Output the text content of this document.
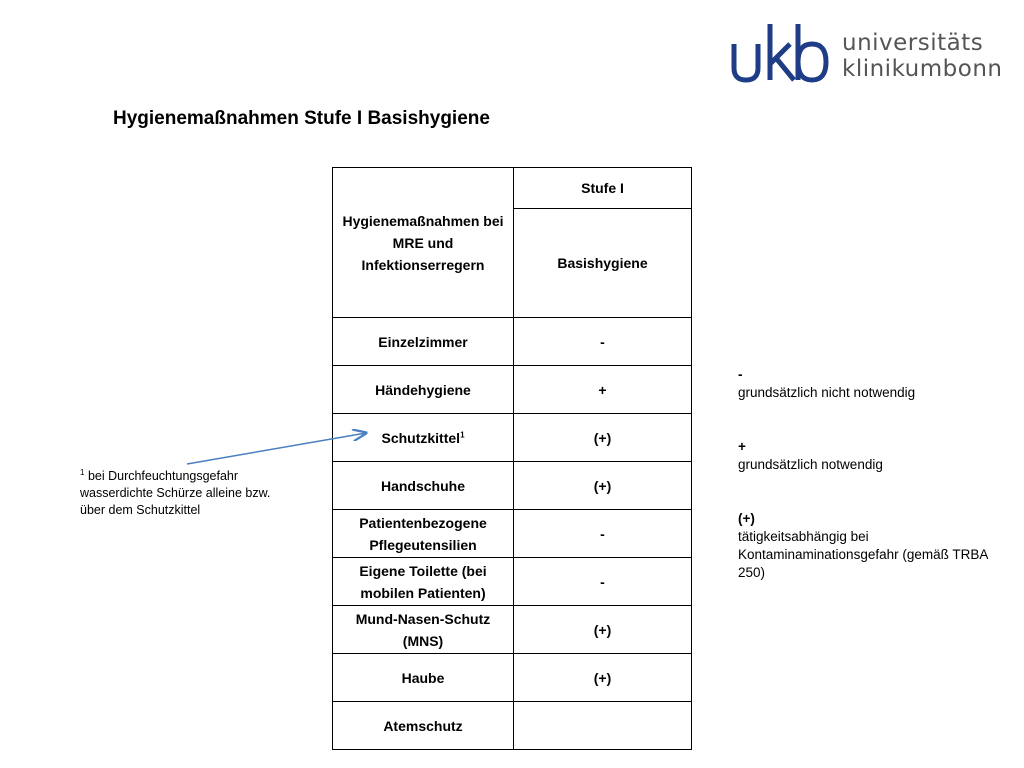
universitäts
klinikumbonn
Hygienemaßnahmen Stufe I Basishygiene
Hygienemaßnahmen bei MRE und Infektionserregern	Stufe I
	Basishygiene
Einzelzimmer	-
Händehygiene	+
Schutzkittel$^1$	(+)
Handschuhe	(+)
Patientenbezogene Pflegeutensilien	-
Eigene Toilette (bei mobilen Patienten)	-
Mund-Nasen-Schutz (MNS)	(+)
Haube	(+)
Atemschutz	
$^1$ bei Durchfeuchtungsgefahr wasserdichte Schürze alleine bzw. über dem Schutzkittel
-
grundsätzlich nicht notwendig
+
grundsätzlich notwendig
(+)
tätigkeitsabhängig bei Kontaminaminationsgefahr (gemäß TRBA 250)
